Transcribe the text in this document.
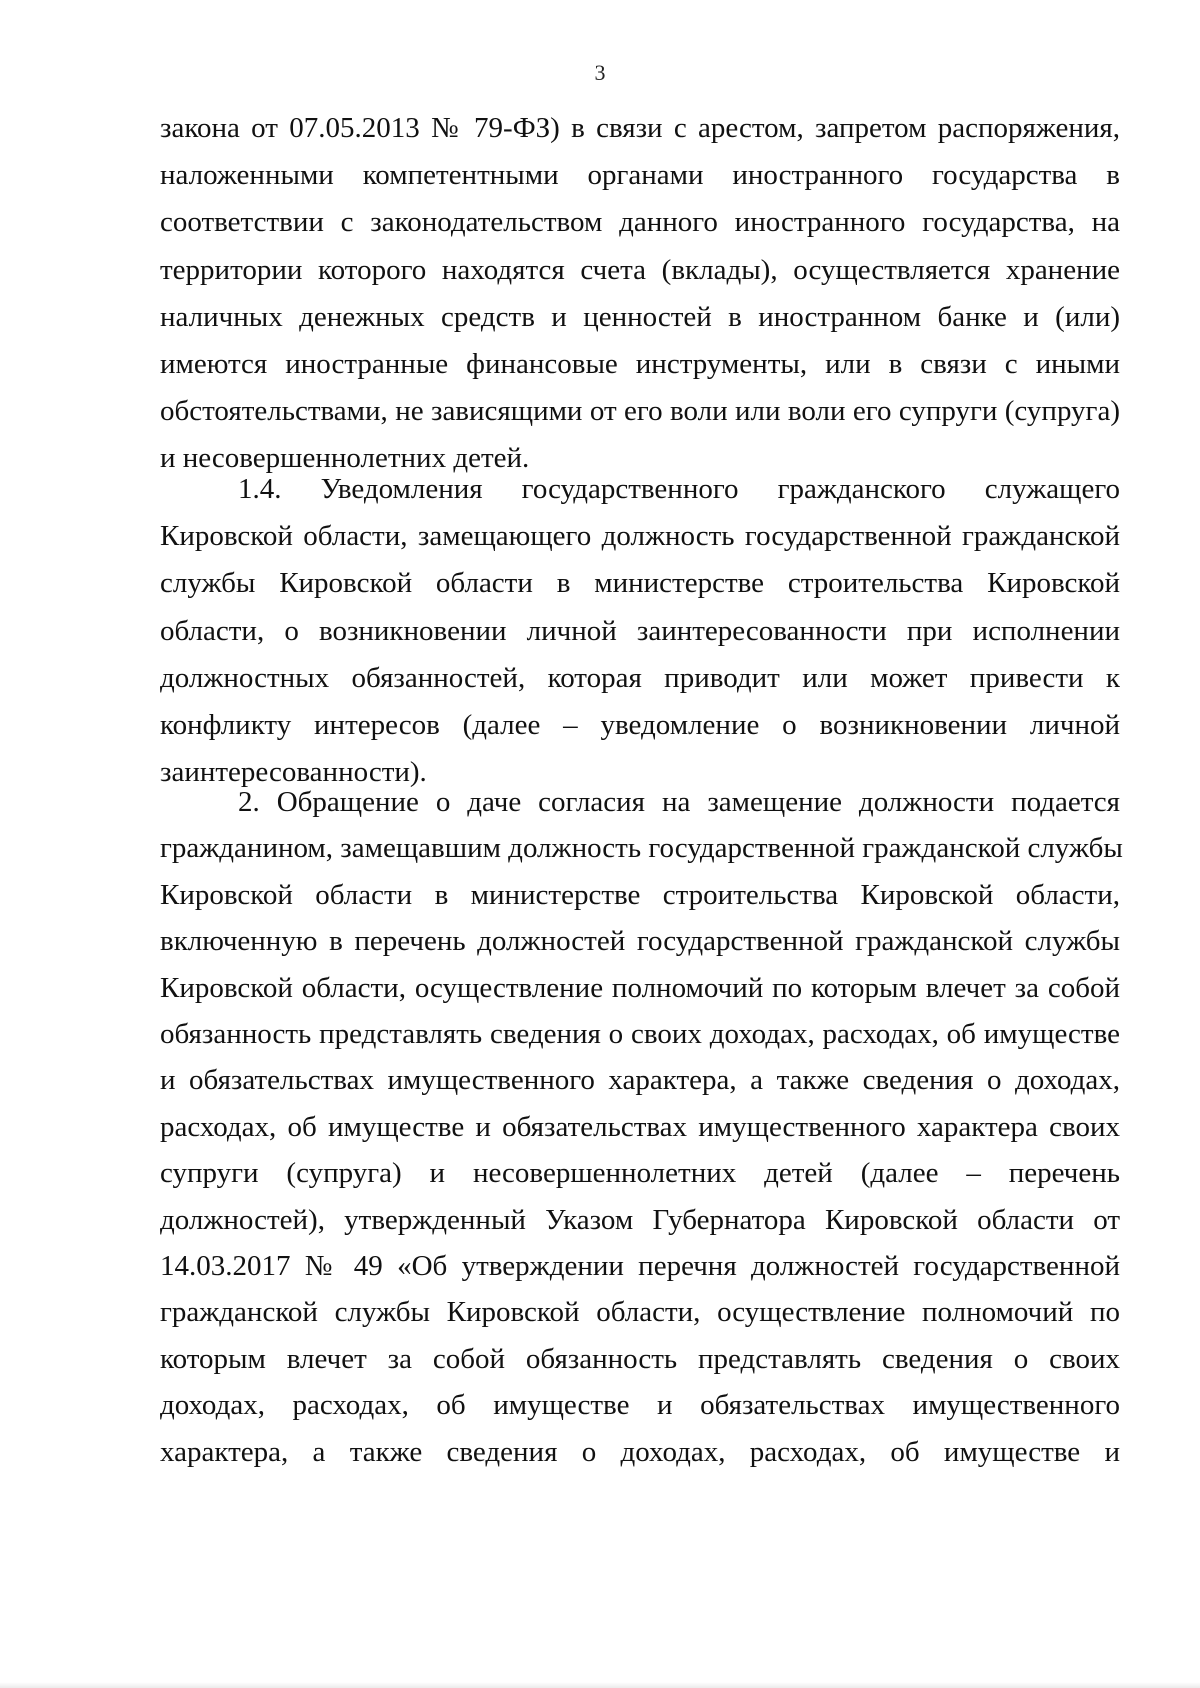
3
закона от 07.05.2013 № 79-ФЗ) в связи с арестом, запретом распоряжения,
наложенными компетентными органами иностранного государства в
соответствии с законодательством данного иностранного государства, на
территории которого находятся счета (вклады), осуществляется хранение
наличных денежных средств и ценностей в иностранном банке и (или)
имеются иностранные финансовые инструменты, или в связи с иными
обстоятельствами, не зависящими от его воли или воли его супруги (супруга)
и несовершеннолетних детей.
1.4. Уведомления государственного гражданского служащего
Кировской области, замещающего должность государственной гражданской
службы Кировской области в министерстве строительства Кировской
области, о возникновении личной заинтересованности при исполнении
должностных обязанностей, которая приводит или может привести к
конфликту интересов (далее – уведомление о возникновении личной
заинтересованности).
2. Обращение о даче согласия на замещение должности подается
гражданином, замещавшим должность государственной гражданской службы
Кировской области в министерстве строительства Кировской области,
включенную в перечень должностей государственной гражданской службы
Кировской области, осуществление полномочий по которым влечет за собой
обязанность представлять сведения о своих доходах, расходах, об имуществе
и обязательствах имущественного характера, а также сведения о доходах,
расходах, об имуществе и обязательствах имущественного характера своих
супруги (супруга) и несовершеннолетних детей (далее – перечень
должностей), утвержденный Указом Губернатора Кировской области от
14.03.2017 № 49 «Об утверждении перечня должностей государственной
гражданской службы Кировской области, осуществление полномочий по
которым влечет за собой обязанность представлять сведения о своих
доходах, расходах, об имуществе и обязательствах имущественного
характера, а также сведения о доходах, расходах, об имуществе и
